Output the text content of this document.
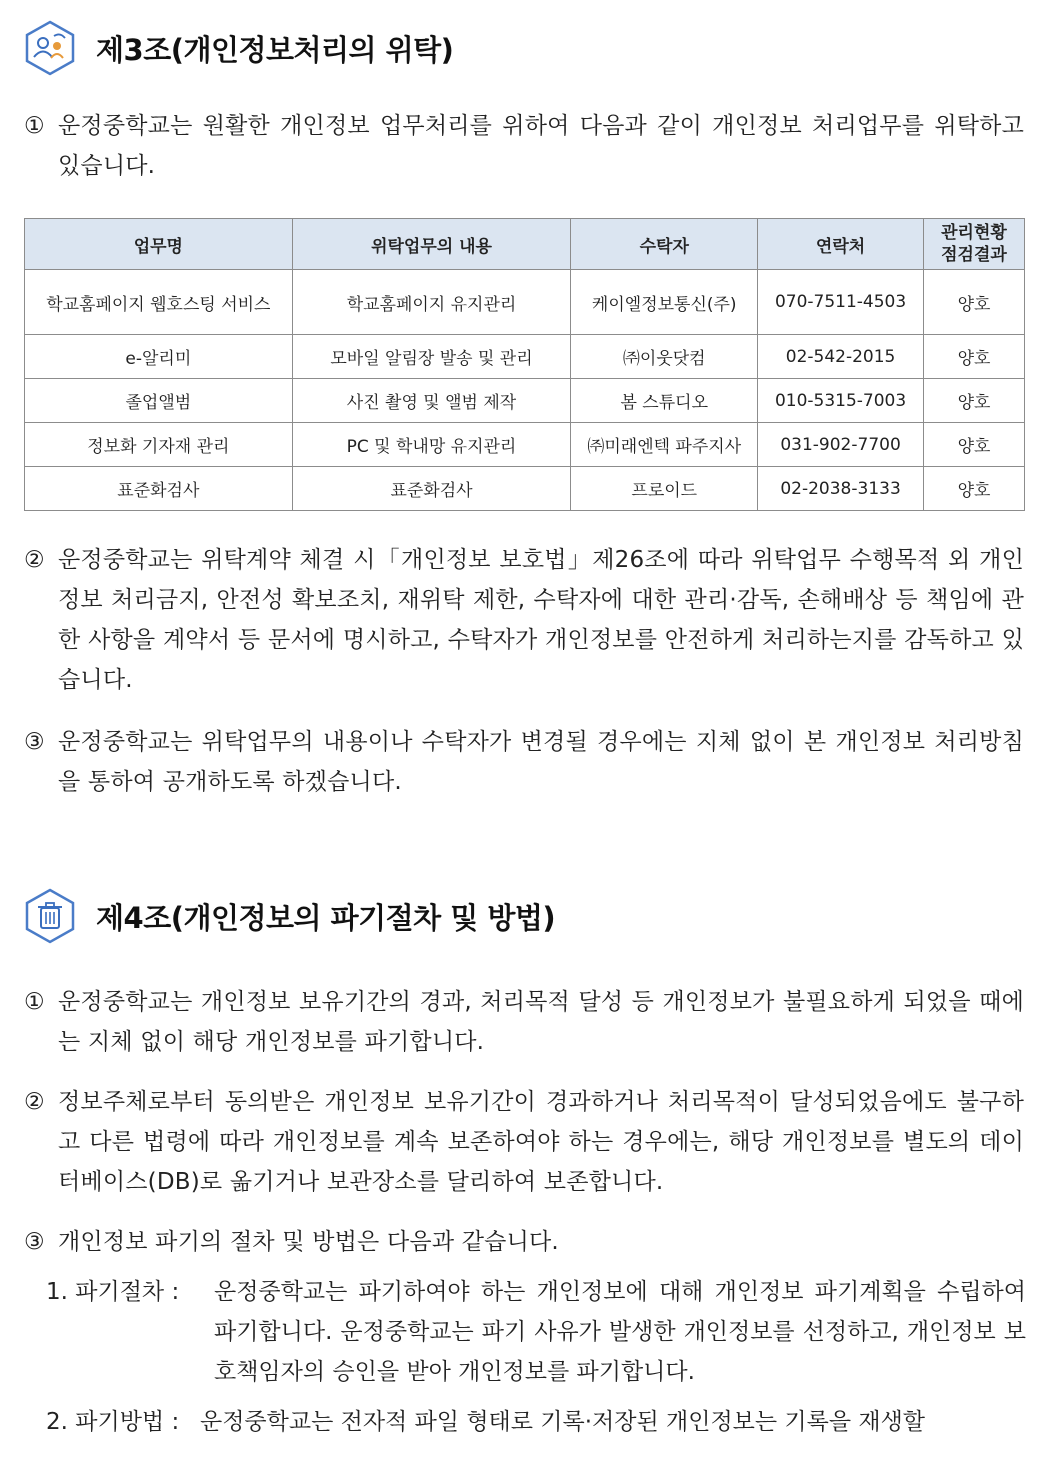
제3조(개인정보처리의 위탁)
① 운정중학교는 원활한 개인정보 업무처리를 위하여 다음과 같이 개인정보 처리업무를 위탁하고 있습니다.
업무명	위탁업무의 내용	수탁자	연락처	관리현황 점검결과
학교홈페이지 웹호스팅 서비스	학교홈페이지 유지관리	케이엘정보통신(주)	070-7511-4503	양호
e-알리미	모바일 알림장 발송 및 관리	㈜이웃닷컴	02-542-2015	양호
졸업앨범	사진 촬영 및 앨범 제작	봄 스튜디오	010-5315-7003	양호
정보화 기자재 관리	PC 및 학내망 유지관리	㈜미래엔텍 파주지사	031-902-7700	양호
표준화검사	표준화검사	프로이드	02-2038-3133	양호
② 운정중학교는 위탁계약 체결 시「개인정보 보호법」제26조에 따라 위탁업무 수행목적 외 개인정보 처리금지, 안전성 확보조치, 재위탁 제한, 수탁자에 대한 관리·감독, 손해배상 등 책임에 관한 사항을 계약서 등 문서에 명시하고, 수탁자가 개인정보를 안전하게 처리하는지를 감독하고 있습니다.
③ 운정중학교는 위탁업무의 내용이나 수탁자가 변경될 경우에는 지체 없이 본 개인정보 처리방침을 통하여 공개하도록 하겠습니다.
제4조(개인정보의 파기절차 및 방법)
① 운정중학교는 개인정보 보유기간의 경과, 처리목적 달성 등 개인정보가 불필요하게 되었을 때에는 지체 없이 해당 개인정보를 파기합니다.
② 정보주체로부터 동의받은 개인정보 보유기간이 경과하거나 처리목적이 달성되었음에도 불구하고 다른 법령에 따라 개인정보를 계속 보존하여야 하는 경우에는, 해당 개인정보를 별도의 데이터베이스(DB)로 옮기거나 보관장소를 달리하여 보존합니다.
③ 개인정보 파기의 절차 및 방법은 다음과 같습니다.
1. 파기절차 :	운정중학교는 파기하여야 하는 개인정보에 대해 개인정보 파기계획을 수립하여 파기합니다. 운정중학교는 파기 사유가 발생한 개인정보를 선정하고, 개인정보 보호책임자의 승인을 받아 개인정보를 파기합니다.
2. 파기방법 : 운정중학교는 전자적 파일 형태로 기록·저장된 개인정보는 기록을 재생할
